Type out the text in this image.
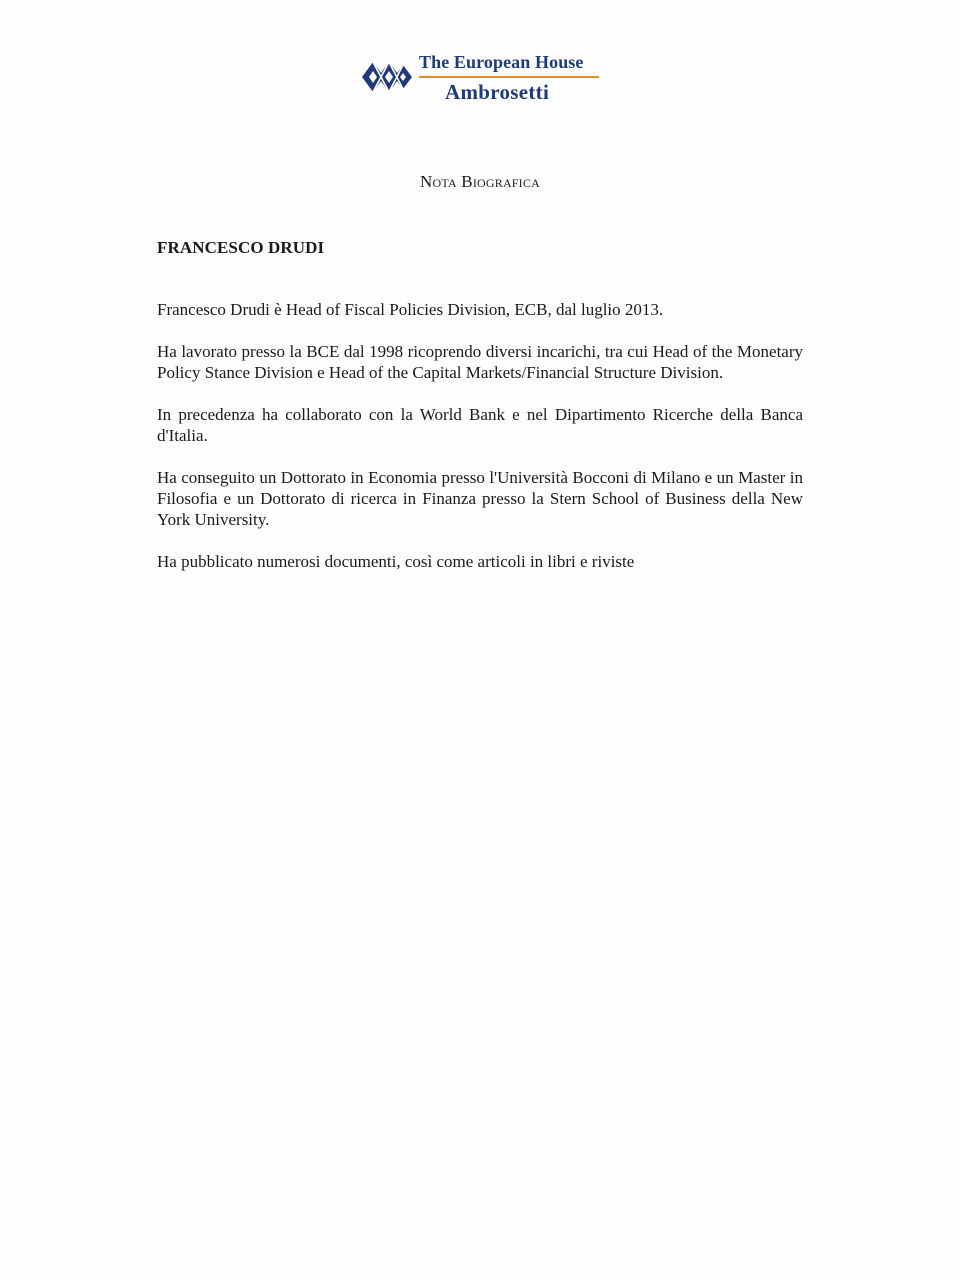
The European House
Ambrosetti
Nota Biografica
FRANCESCO DRUDI

Francesco Drudi è Head of Fiscal Policies Division, ECB, dal luglio 2013.

Ha lavorato presso la BCE dal 1998 ricoprendo diversi incarichi, tra cui Head of the Monetary Policy Stance Division e Head of the Capital Markets/Financial Structure Division.

In precedenza ha collaborato con la World Bank e nel Dipartimento Ricerche della Banca d'Italia.

Ha conseguito un Dottorato in Economia presso l'Università Bocconi di Milano e un Master in Filosofia e un Dottorato di ricerca in Finanza presso la Stern School of Business della New York University.

Ha pubblicato numerosi documenti, così come articoli in libri e riviste
